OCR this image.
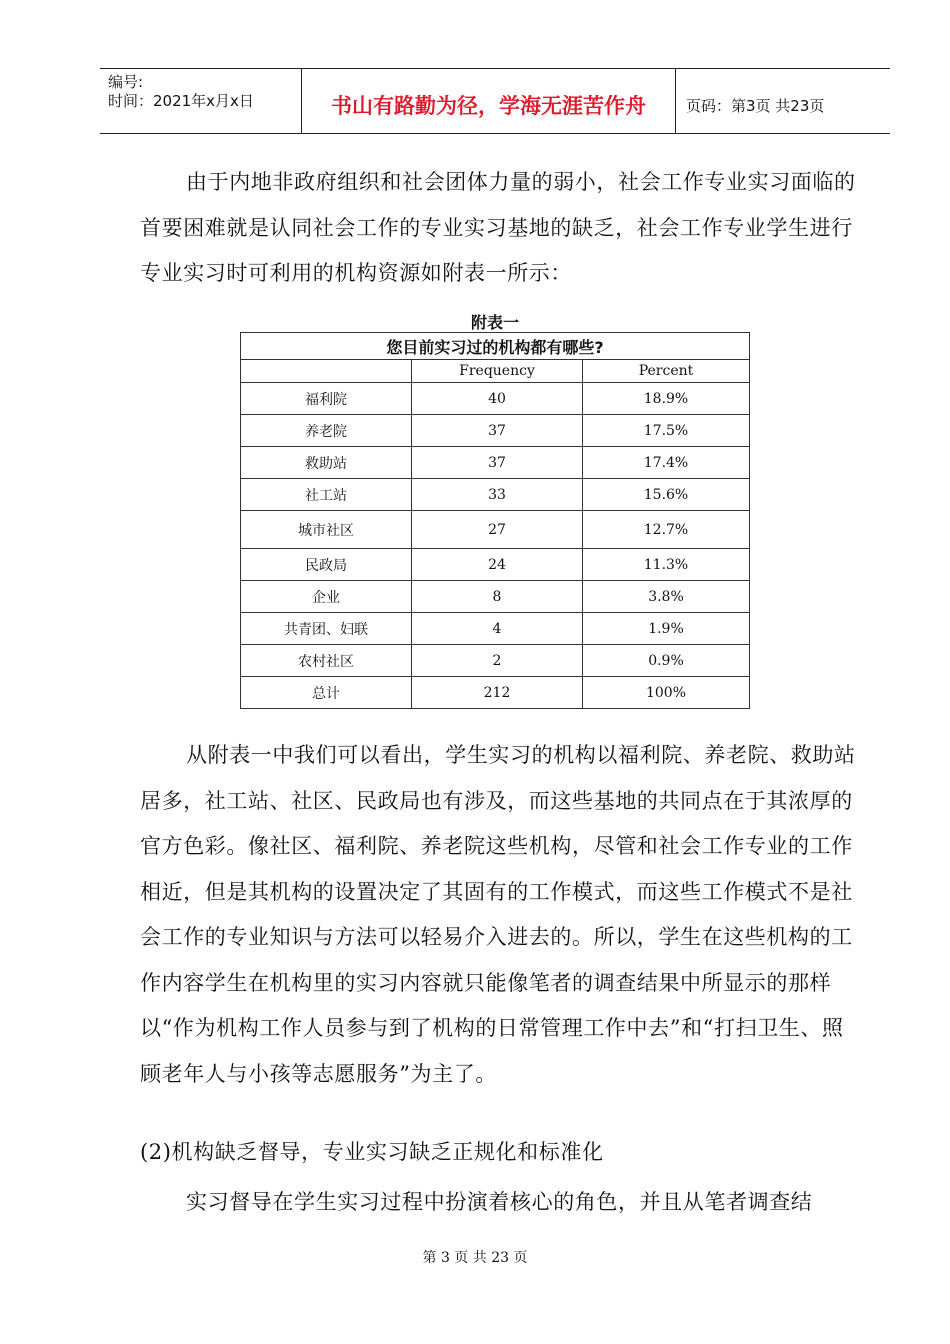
编号:
时间：2021年x月x日	书山有路勤为径，学海无涯苦作舟	页码：第3页 共23页

由于内地非政府组织和社会团体力量的弱小，社会工作专业实习面临的首要困难就是认同社会工作的专业实习基地的缺乏，社会工作专业学生进行专业实习时可利用的机构资源如附表一所示：

附表一
您目前实习过的机构都有哪些?		
	Frequency	Percent
福利院	40	18.9%
养老院	37	17.5%
救助站	37	17.4%
社工站	33	15.6%
城市社区	27	12.7%
民政局	24	11.3%
企业	8	3.8%
共青团、妇联	4	1.9%
农村社区	2	0.9%
总计	212	100%

从附表一中我们可以看出，学生实习的机构以福利院、养老院、救助站居多，社工站、社区、民政局也有涉及，而这些基地的共同点在于其浓厚的官方色彩。像社区、福利院、养老院这些机构，尽管和社会工作专业的工作相近，但是其机构的设置决定了其固有的工作模式，而这些工作模式不是社会工作的专业知识与方法可以轻易介入进去的。所以，学生在这些机构的工作内容学生在机构里的实习内容就只能像笔者的调查结果中所显示的那样以“作为机构工作人员参与到了机构的日常管理工作中去”和“打扫卫生、照顾老年人与小孩等志愿服务”为主了。

(2)机构缺乏督导，专业实习缺乏正规化和标准化

实习督导在学生实习过程中扮演着核心的角色，并且从笔者调查结

第 3 页 共 23 页
